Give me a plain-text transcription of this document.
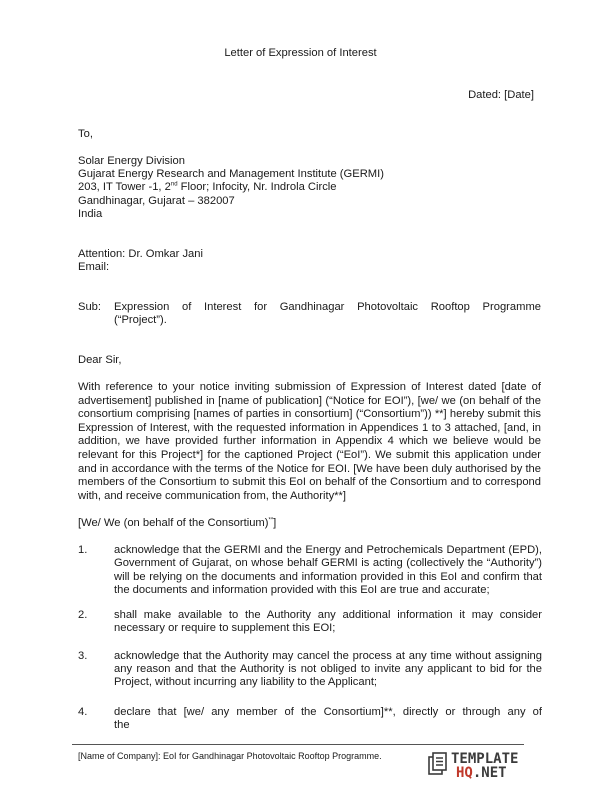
Letter of Expression of Interest
Dated: [Date]
To,
Solar Energy Division
Gujarat Energy Research and Management Institute (GERMI)
203, IT Tower -1, 2nd Floor; Infocity, Nr. Indrola Circle
Gandhinagar, Gujarat – 382007
India
Attention: Dr. Omkar Jani
Email:
Sub: Expression of Interest for Gandhinagar Photovoltaic Rooftop Programme (“Project”).
Dear Sir,
With reference to your notice inviting submission of Expression of Interest dated [date of advertisement] published in [name of publication] (“Notice for EOI”), [we/ we (on behalf of the consortium comprising [names of parties in consortium] (“Consortium”)) **] hereby submit this Expression of Interest, with the requested information in Appendices 1 to 3 attached, [and, in addition, we have provided further information in Appendix 4 which we believe would be relevant for this Project*] for the captioned Project (“EoI”). We submit this application under and in accordance with the terms of the Notice for EOI. [We have been duly authorised by the members of the Consortium to submit this EoI on behalf of the Consortium and to correspond with, and receive communication from, the Authority**]
[We/ We (on behalf of the Consortium)**]
1. acknowledge that the GERMI and the Energy and Petrochemicals Department (EPD), Government of Gujarat, on whose behalf GERMI is acting (collectively the “Authority”) will be relying on the documents and information provided in this EoI and confirm that the documents and information provided with this EoI are true and accurate;
2. shall make available to the Authority any additional information it may consider necessary or require to supplement this EOI;
3. acknowledge that the Authority may cancel the process at any time without assigning any reason and that the Authority is not obliged to invite any applicant to bid for the Project, without incurring any liability to the Applicant;
4. declare that [we/ any member of the Consortium]**, directly or through any of the
[Name of Company]: EoI for Gandhinagar Photovoltaic Rooftop Programme.	TEMPLATE
HQ.NET
